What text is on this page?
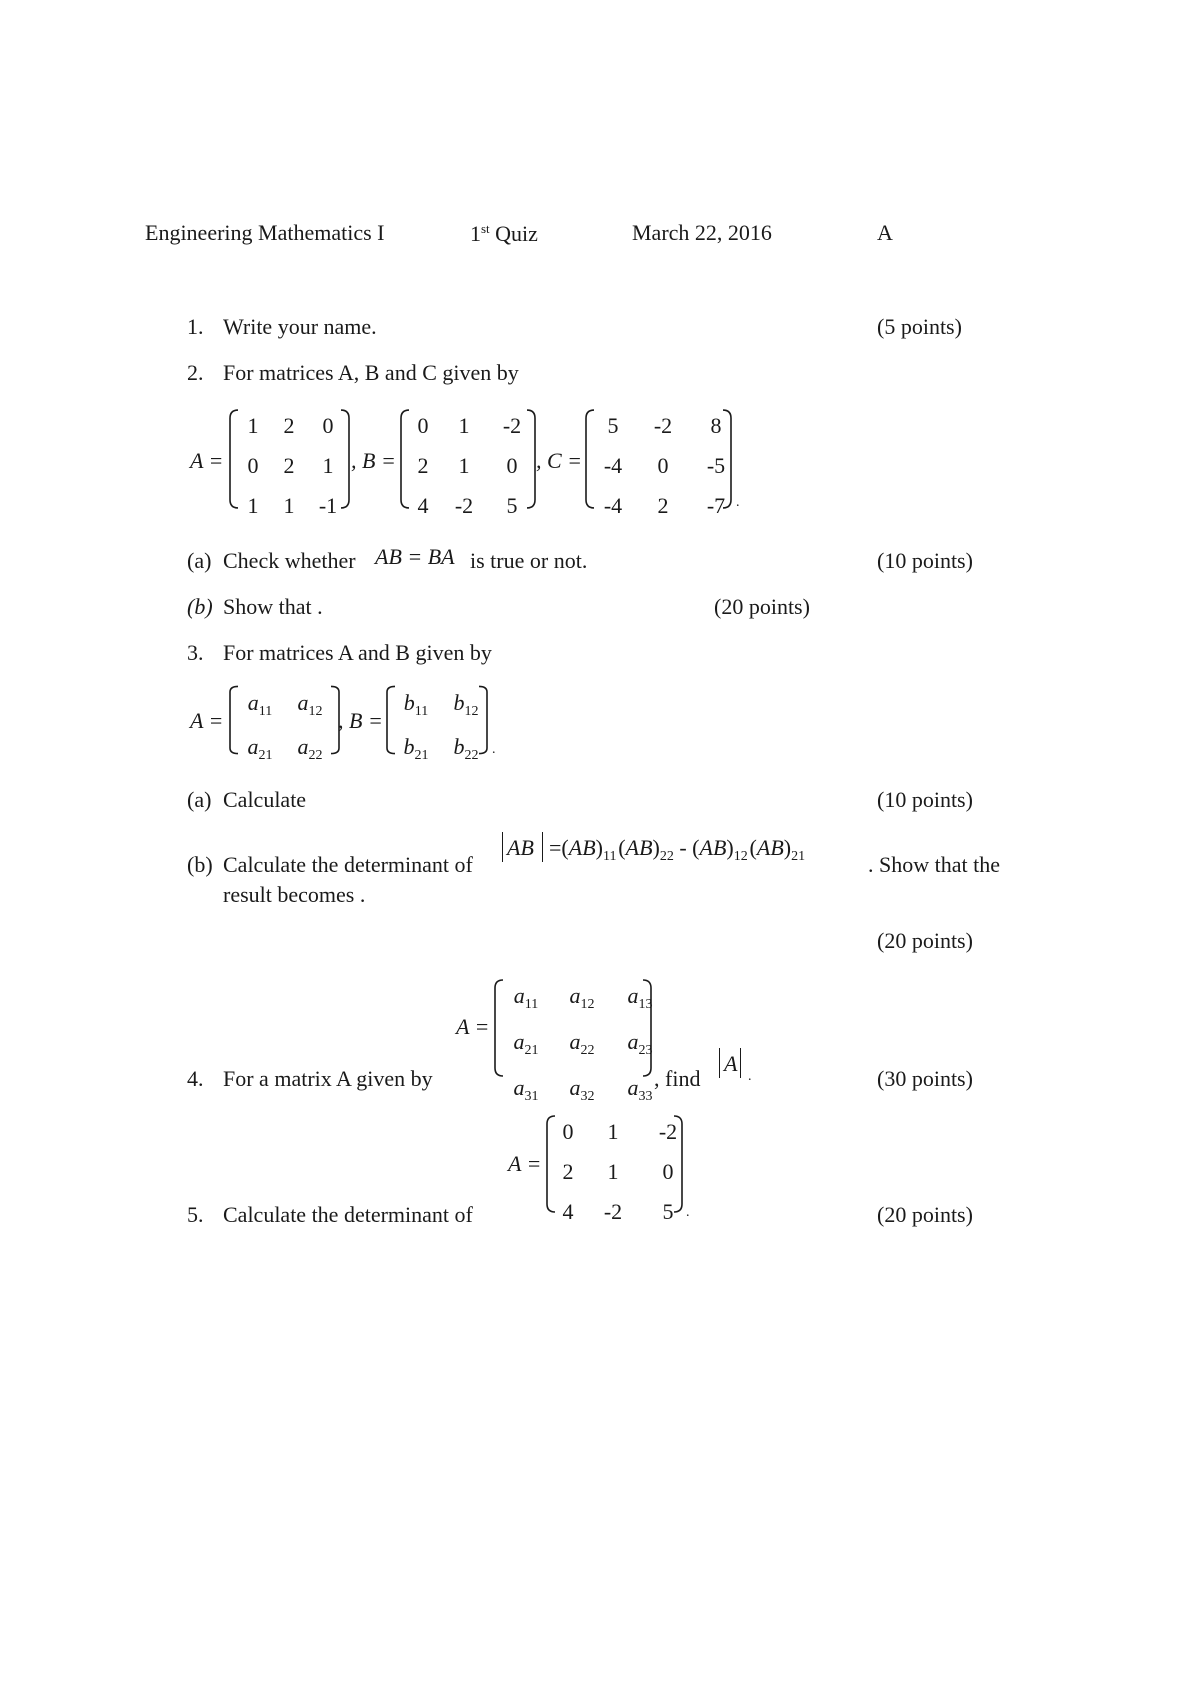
Engineering Mathematics I	1st Quiz	March 22, 2016	A
1. Write your name.	(5 points)
2. For matrices A, B and C given by
A =
1	2	0
0	2	1
1	1	-1
, B =
0	1	-2
2	1	0
4	-2	5
, C =
5	-2	8
-4	0	-5
-4	2	-7 .
(a) Check whether AB = BA is true or not.	(10 points)
(b) Show that .	(20 points)
3. For matrices A and B given by
A =
$a_{11}$	$a_{12}$
$a_{21}$	$a_{22}$
, B =
$b_{11}$	$b_{12}$
$b_{21}$	$b_{22}$ .
(a) Calculate	(10 points)
(b) Calculate the determinant of
AB $=(AB)_{11}$ $(AB)_{22} - (AB)_{12}$ $(AB)_{21}$	. Show that the
result becomes .
(20 points)
A =
$a_{11}$	$a_{12}$	$a_{13}$
$a_{21}$	$a_{22}$	$a_{23}$
$a_{31}$	$a_{32}$	$a_{33}$
4. For a matrix A given by	, find
A
.	(30 points)
A =
0	1	-2
2	1	0
4	-2	5 .
5. Calculate the determinant of	(20 points)
